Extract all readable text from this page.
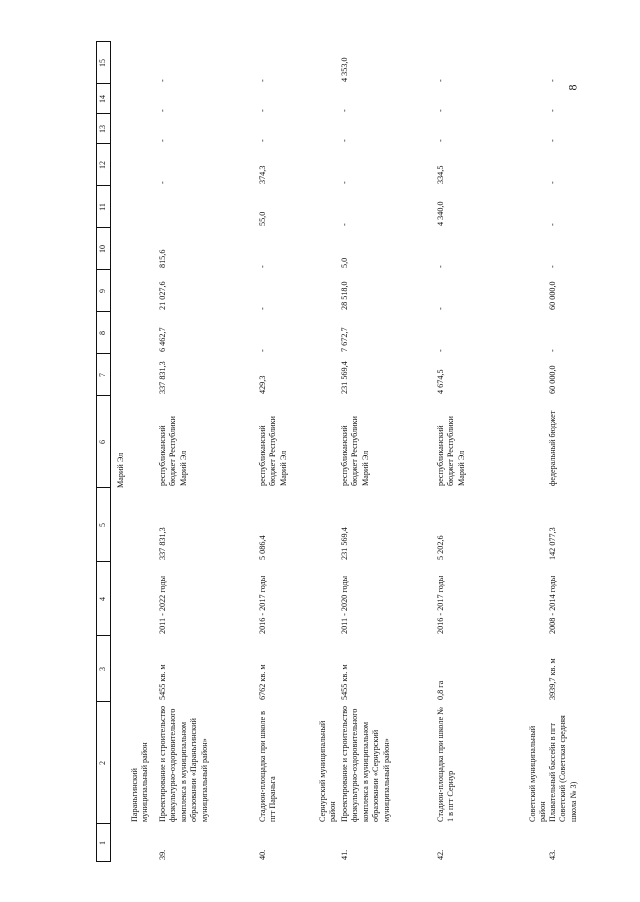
8
1
2
3
4
5
6
7
8
9
10
11
12
13
14
15
Марий Эл
Параньгинский муниципальный район	Сернурский муниципальный район	Советский муниципальный район
39.
Проектирование и строительство физкультурно-оздоровительного комплекса в муниципальном образовании «Параньгинский муниципальный район»
5455 кв. м
2011 - 2022 годы
337 831,3
республиканский бюджет Республики Марий Эл
337 831,3
6 462,7
21 027,6
815,6
-
-
-
-
40.
Стадион-площадка при школе в пгт Параньга
6762 кв. м
2016 - 2017 годы
5 086,4
республиканский бюджет Республики Марий Эл
429,3
-
-
-
55,0
374,3
-
-
-
41.
Проектирование и строительство физкультурно-оздоровительного комплекса в муниципальном образовании «Сернурский муниципальный район»
5455 кв. м
2011 - 2020 годы
231 569,4
республиканский бюджет Республики Марий Эл
231 569,4
7 672,7
28 518,0
5,0
-
-
-
-
4 353,0
42.
Стадион-площадка при школе № 1 в пгт Сернур
0,8 га
2016 - 2017 годы
5 202,6
республиканский бюджет Республики Марий Эл
4 674,5
-
-
-
4 340,0
334,5
-
-
-
43.
Плавательный бассейн в пгт Советский (Советская средняя школа № 3)
3939,7 кв. м
2008 - 2014 годы
142 077,3
федеральный бюджет
60 000,0
-
60 000,0
-
-
-
-
-
-
